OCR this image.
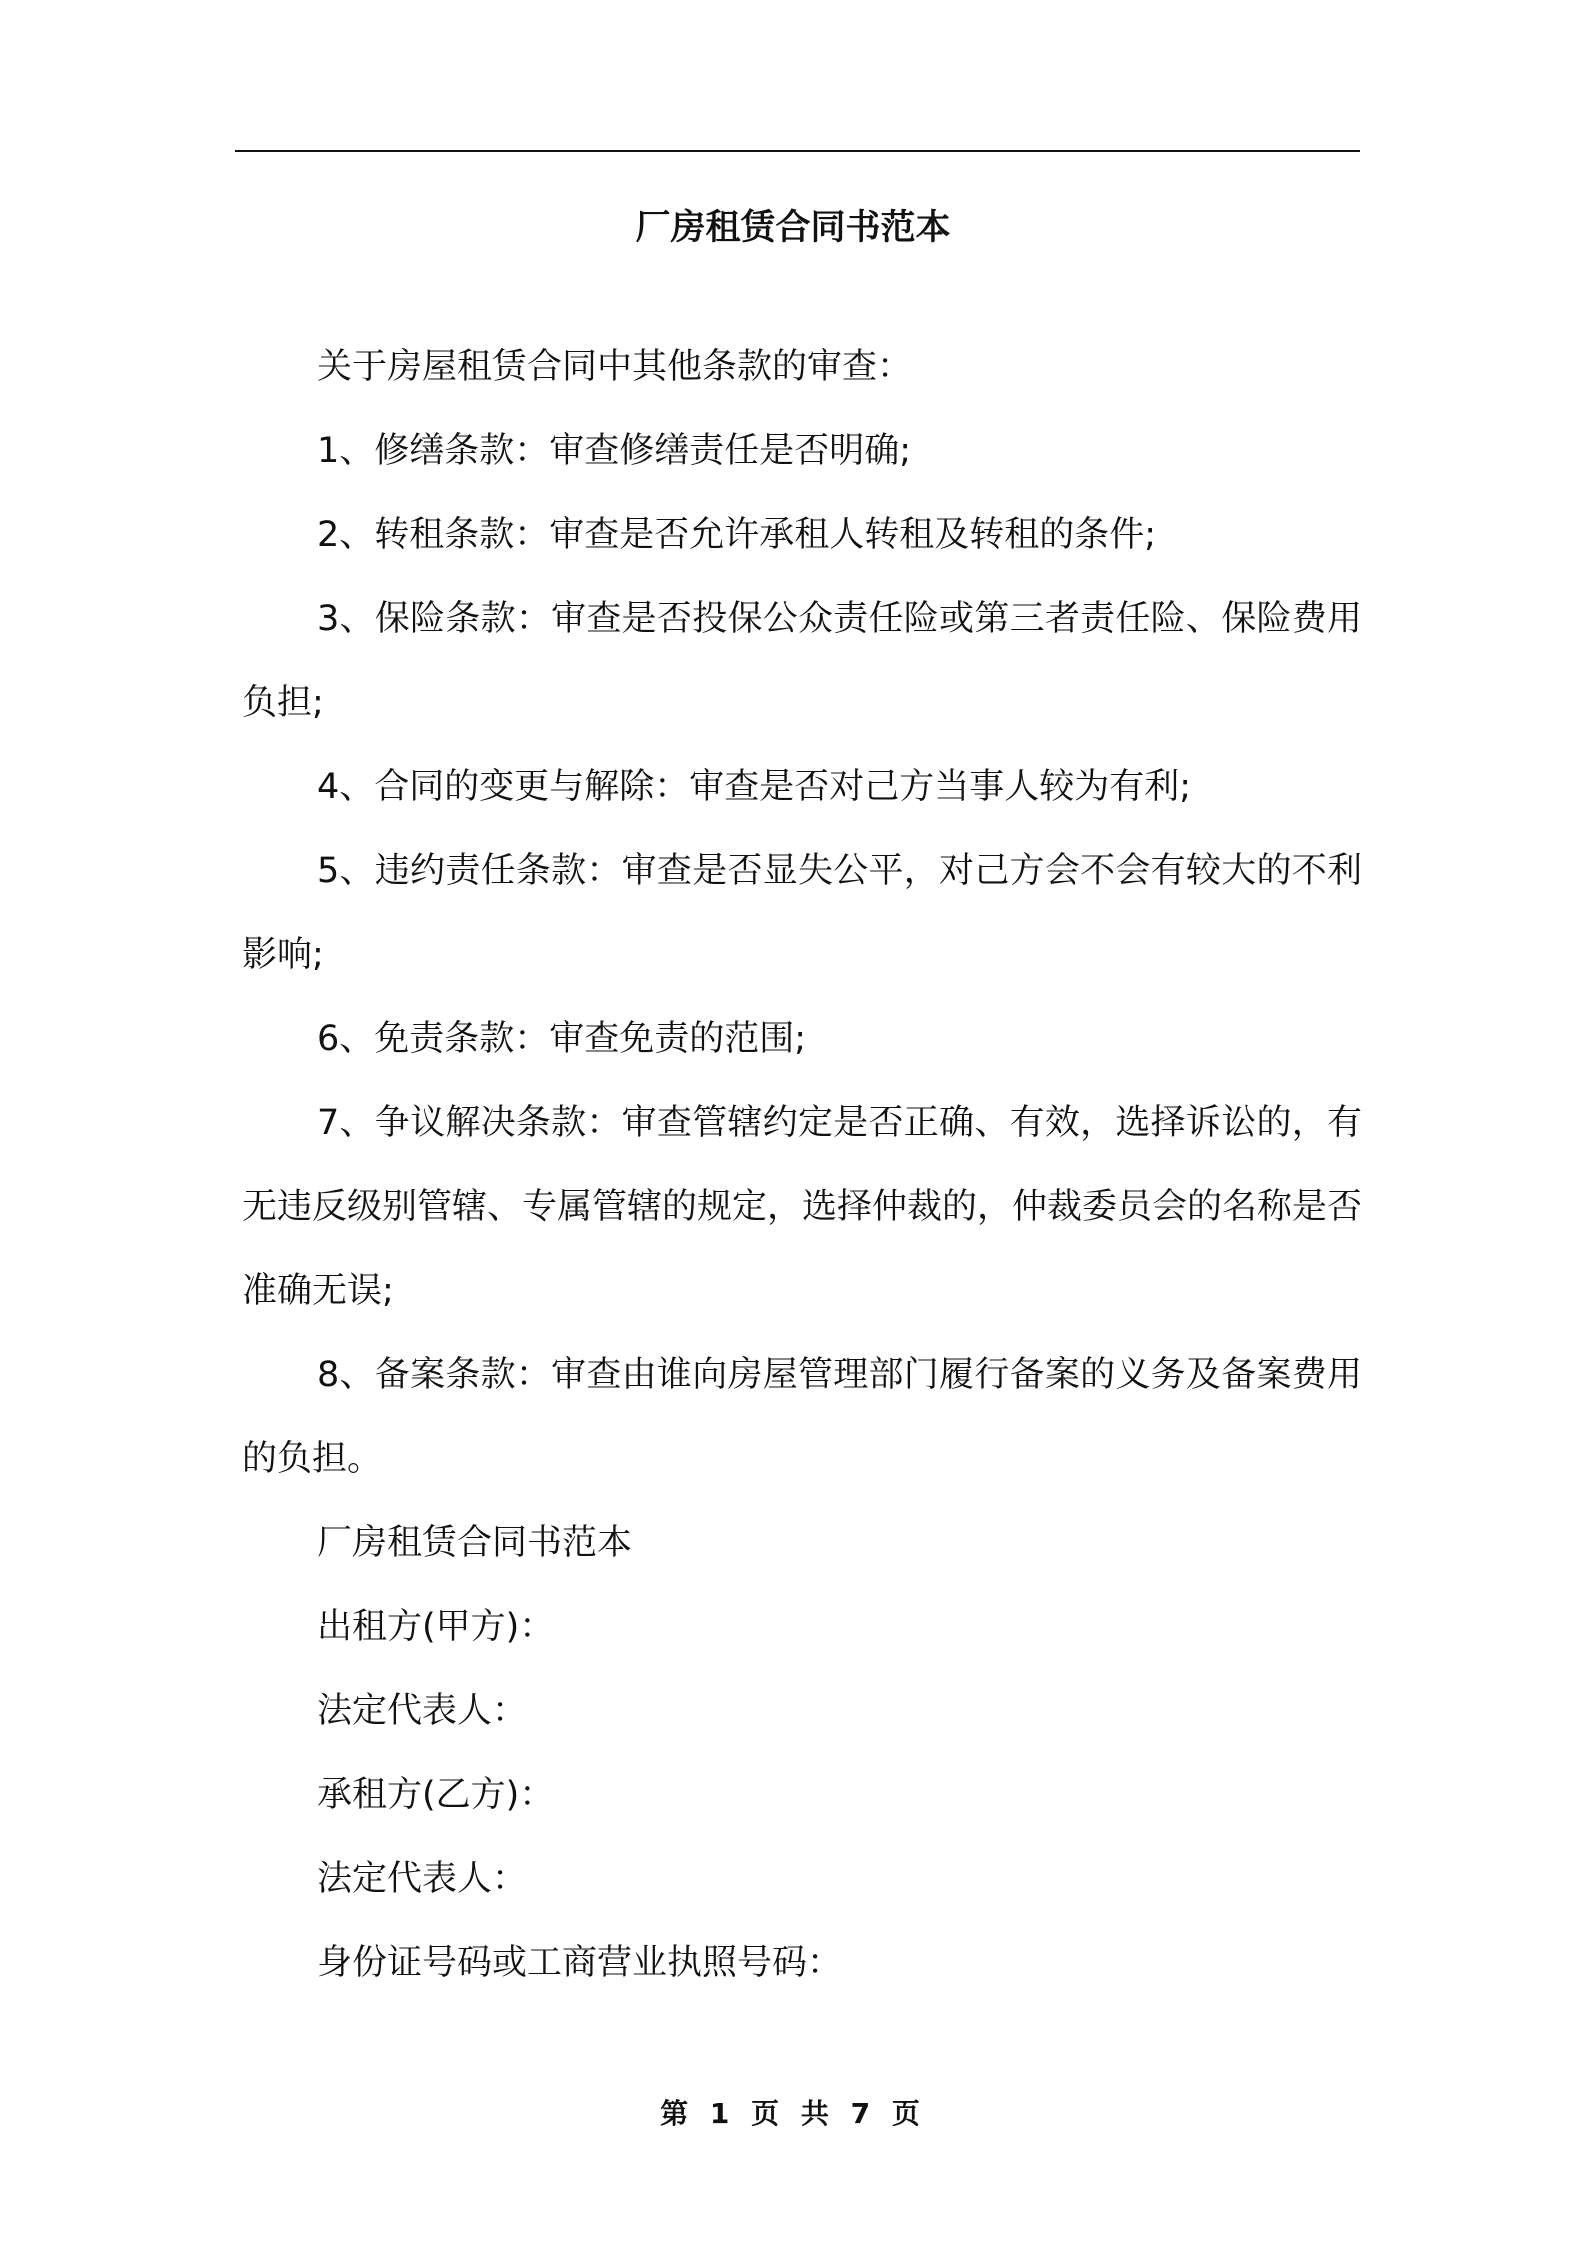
厂房租赁合同书范本

关于房屋租赁合同中其他条款的审查：

1、修缮条款：审查修缮责任是否明确;

2、转租条款：审查是否允许承租人转租及转租的条件;

3、保险条款：审查是否投保公众责任险或第三者责任险、保险费用负担;

4、合同的变更与解除：审查是否对己方当事人较为有利;

5、违约责任条款：审查是否显失公平，对己方会不会有较大的不利影响;

6、免责条款：审查免责的范围;

7、争议解决条款：审查管辖约定是否正确、有效，选择诉讼的，有无违反级别管辖、专属管辖的规定，选择仲裁的，仲裁委员会的名称是否准确无误;

8、备案条款：审查由谁向房屋管理部门履行备案的义务及备案费用的负担。

厂房租赁合同书范本

出租方(甲方)：

法定代表人：

承租方(乙方)：

法定代表人：

身份证号码或工商营业执照号码：

第 1 页 共 7 页
